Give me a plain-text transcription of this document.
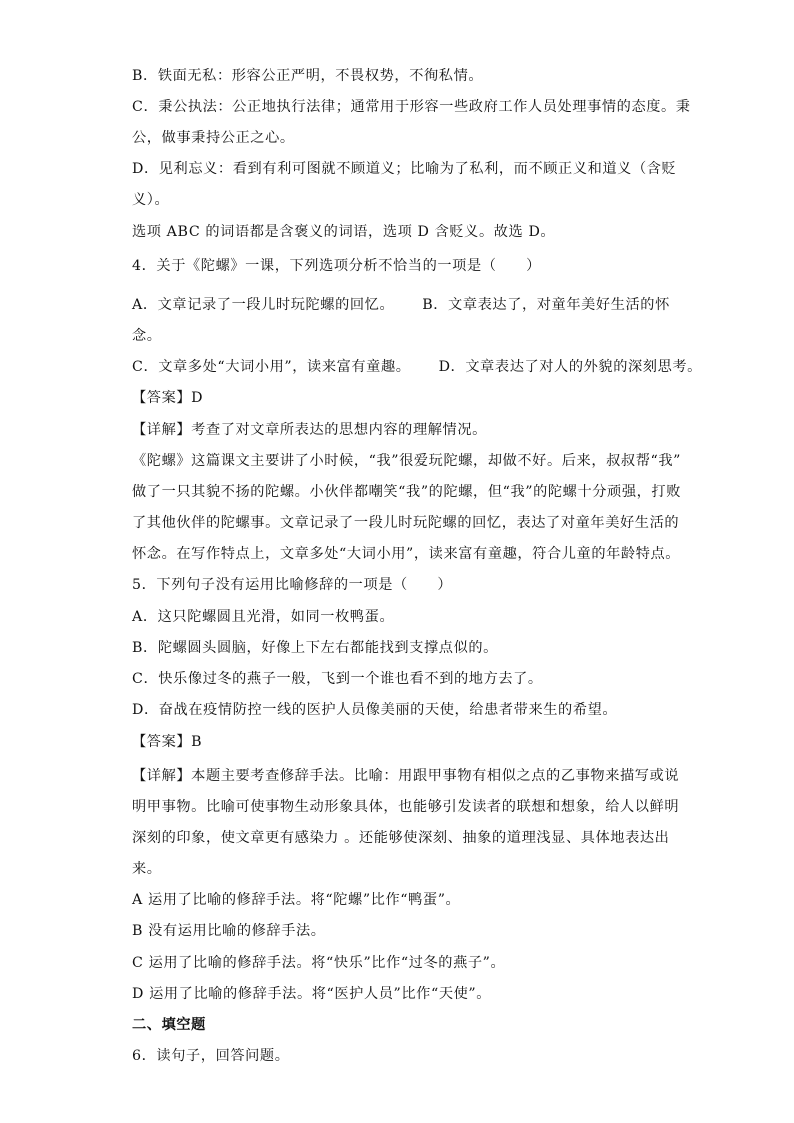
B．铁面无私：形容公正严明，不畏权势，不徇私情。
C．秉公执法：公正地执行法律；通常用于形容一些政府工作人员处理事情的态度。秉
公，做事秉持公正之心。
D．见利忘义：看到有利可图就不顾道义；比喻为了私利，而不顾正义和道义（含贬
义）。
选项 ABC 的词语都是含褒义的词语，选项 D 含贬义。故选 D。
4．关于《陀螺》一课，下列选项分析不恰当的一项是（　　）
A．文章记录了一段儿时玩陀螺的回忆。 B．文章表达了，对童年美好生活的怀
念。
C．文章多处“大词小用”，读来富有童趣。 D．文章表达了对人的外貌的深刻思考。
【答案】D
【详解】考查了对文章所表达的思想内容的理解情况。
《陀螺》这篇课文主要讲了小时候，“我”很爱玩陀螺，却做不好。后来，叔叔帮“我”
做了一只其貌不扬的陀螺。小伙伴都嘲笑“我”的陀螺，但“我”的陀螺十分顽强，打败
了其他伙伴的陀螺事。文章记录了一段儿时玩陀螺的回忆，表达了对童年美好生活的
怀念。在写作特点上，文章多处“大词小用”，读来富有童趣，符合儿童的年龄特点。
5．下列句子没有运用比喻修辞的一项是（　　）
A．这只陀螺圆且光滑，如同一枚鸭蛋。
B．陀螺圆头圆脑，好像上下左右都能找到支撑点似的。
C．快乐像过冬的燕子一般，飞到一个谁也看不到的地方去了。
D．奋战在疫情防控一线的医护人员像美丽的天使，给患者带来生的希望。
【答案】B
【详解】本题主要考查修辞手法。比喻：用跟甲事物有相似之点的乙事物来描写或说
明甲事物。比喻可使事物生动形象具体，也能够引发读者的联想和想象，给人以鲜明
深刻的印象，使文章更有感染力 。还能够使深刻、抽象的道理浅显、具体地表达出
来。
A 运用了比喻的修辞手法。将“陀螺”比作“鸭蛋”。
B 没有运用比喻的修辞手法。
C 运用了比喻的修辞手法。将“快乐”比作“过冬的燕子”。
D 运用了比喻的修辞手法。将“医护人员”比作“天使”。
二、填空题
6．读句子，回答问题。
